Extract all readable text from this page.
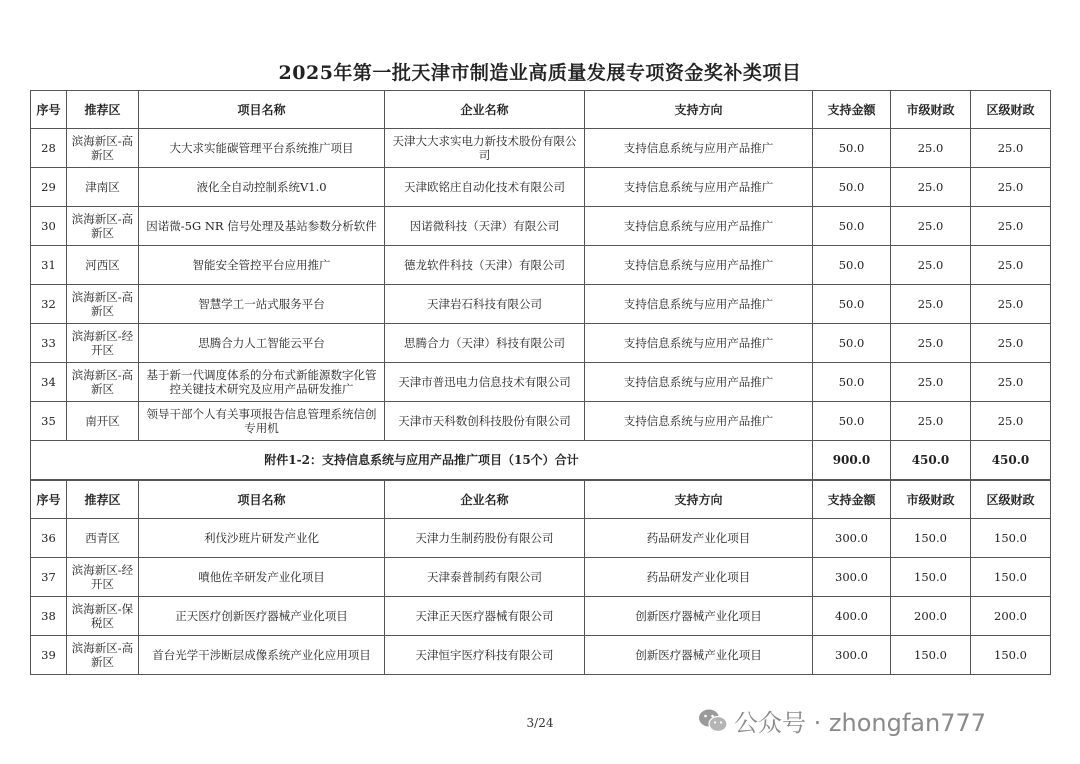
2025年第一批天津市制造业高质量发展专项资金奖补类项目
序号	推荐区	项目名称	企业名称	支持方向	支持金额	市级财政	区级财政
28	滨海新区-高新区	大大求实能碳管理平台系统推广项目	天津大大求实电力新技术股份有限公司	支持信息系统与应用产品推广	50.0	25.0	25.0
29	津南区	液化全自动控制系统V1.0	天津欧铭庄自动化技术有限公司	支持信息系统与应用产品推广	50.0	25.0	25.0
30	滨海新区-高新区	因诺微-5G NR 信号处理及基站参数分析软件	因诺微科技（天津）有限公司	支持信息系统与应用产品推广	50.0	25.0	25.0
31	河西区	智能安全管控平台应用推广	德龙软件科技（天津）有限公司	支持信息系统与应用产品推广	50.0	25.0	25.0
32	滨海新区-高新区	智慧学工一站式服务平台	天津岩石科技有限公司	支持信息系统与应用产品推广	50.0	25.0	25.0
33	滨海新区-经开区	思腾合力人工智能云平台	思腾合力（天津）科技有限公司	支持信息系统与应用产品推广	50.0	25.0	25.0
34	滨海新区-高新区	基于新一代调度体系的分布式新能源数字化管控关键技术研究及应用产品研发推广	天津市普迅电力信息技术有限公司	支持信息系统与应用产品推广	50.0	25.0	25.0
35	南开区	领导干部个人有关事项报告信息管理系统信创专用机	天津市天科数创科技股份有限公司	支持信息系统与应用产品推广	50.0	25.0	25.0
附件1-2：支持信息系统与应用产品推广项目（15个）合计					900.0	450.0	450.0
序号	推荐区	项目名称	企业名称	支持方向	支持金额	市级财政	区级财政
36	西青区	利伐沙班片研发产业化	天津力生制药股份有限公司	药品研发产业化项目	300.0	150.0	150.0
37	滨海新区-经开区	噴他佐辛研发产业化项目	天津泰普制药有限公司	药品研发产业化项目	300.0	150.0	150.0
38	滨海新区-保税区	正天医疗创新医疗器械产业化项目	天津正天医疗器械有限公司	创新医疗器械产业化项目	400.0	200.0	200.0
39	滨海新区-高新区	首台光学干涉断层成像系统产业化应用项目	天津恒宇医疗科技有限公司	创新医疗器械产业化项目	300.0	150.0	150.0
3/24	公众号 · zhongfan777
